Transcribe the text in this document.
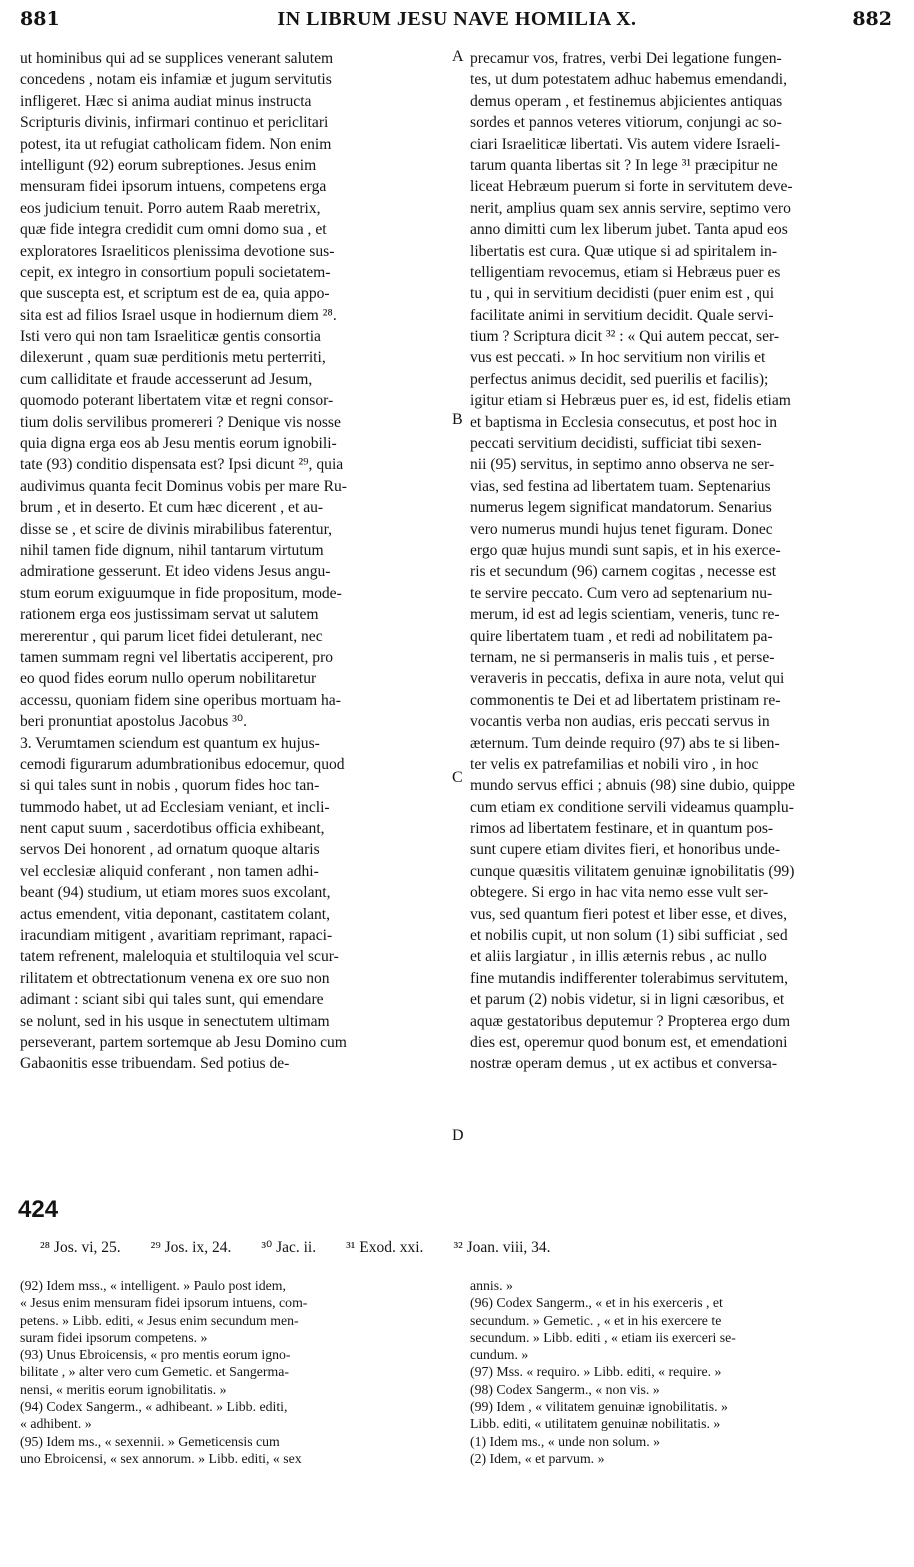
881	IN LIBRUM JESU NAVE HOMILIA X.	882
ut hominibus qui ad se supplices venerant salutem
concedens , notam eis infamiæ et jugum servitutis
infligeret. Hæc si anima audiat minus instructa
Scripturis divinis, infirmari continuo et periclitari
potest, ita ut refugiat catholicam fidem. Non enim
intelligunt (92) eorum subreptiones. Jesus enim
mensuram fidei ipsorum intuens, competens erga
eos judicium tenuit. Porro autem Raab meretrix,
quæ fide integra credidit cum omni domo sua , et
exploratores Israeliticos plenissima devotione sus-
cepit, ex integro in consortium populi societatem-
que suscepta est, et scriptum est de ea, quia appo-
sita est ad filios Israel usque in hodiernum diem ²⁸.
Isti vero qui non tam Israeliticæ gentis consortia
dilexerunt , quam suæ perditionis metu perterriti,
cum calliditate et fraude accesserunt ad Jesum,
quomodo poterant libertatem vitæ et regni consor-
tium dolis servilibus promereri ? Denique vis nosse
quia digna erga eos ab Jesu mentis eorum ignobili-
tate (93) conditio dispensata est? Ipsi dicunt ²⁹, quia
audivimus quanta fecit Dominus vobis per mare Ru-
brum , et in deserto. Et cum hæc dicerent , et au-
disse se , et scire de divinis mirabilibus faterentur,
nihil tamen fide dignum, nihil tantarum virtutum
admiratione gesserunt. Et ideo videns Jesus angu-
stum eorum exiguumque in fide propositum, mode-
rationem erga eos justissimam servat ut salutem
mererentur , qui parum licet fidei detulerant, nec
tamen summam regni vel libertatis acciperent, pro
eo quod fides eorum nullo operum nobilitaretur
accessu, quoniam fidem sine operibus mortuam ha-
beri pronuntiat apostolus Jacobus ³⁰.
3. Verumtamen sciendum est quantum ex hujus-
cemodi figurarum adumbrationibus edocemur, quod
si qui tales sunt in nobis , quorum fides hoc tan-
tummodo habet, ut ad Ecclesiam veniant, et incli-
nent caput suum , sacerdotibus officia exhibeant,
servos Dei honorent , ad ornatum quoque altaris
vel ecclesiæ aliquid conferant , non tamen adhi-
beant (94) studium, ut etiam mores suos excolant,
actus emendent, vitia deponant, castitatem colant,
iracundiam mitigent , avaritiam reprimant, rapaci-
tatem refrenent, maleloquia et stultiloquia vel scur-
rilitatem et obtrectationum venena ex ore suo non
adimant : sciant sibi qui tales sunt, qui emendare
se nolunt, sed in his usque in senectutem ultimam
perseverant, partem sortemque ab Jesu Domino cum
Gabaonitis esse tribuendam. Sed potius de-
precamur vos, fratres, verbi Dei legatione fungen-
tes, ut dum potestatem adhuc habemus emendandi,
demus operam , et festinemus abjicientes antiquas
sordes et pannos veteres vitiorum, conjungi ac so-
ciari Israeliticæ libertati. Vis autem videre Israeli-
tarum quanta libertas sit ? In lege ³¹ præcipitur ne
liceat Hebræum puerum si forte in servitutem deve-
nerit, amplius quam sex annis servire, septimo vero
anno dimitti cum lex liberum jubet. Tanta apud eos
libertatis est cura. Quæ utique si ad spiritalem in-
telligentiam revocemus, etiam si Hebræus puer es
tu , qui in servitium decidisti (puer enim est , qui
facilitate animi in servitium decidit. Quale servi-
tium ? Scriptura dicit ³² : « Qui autem peccat, ser-
vus est peccati. » In hoc servitium non virilis et
perfectus animus decidit, sed puerilis et facilis);
igitur etiam si Hebræus puer es, id est, fidelis etiam
et baptisma in Ecclesia consecutus, et post hoc in
peccati servitium decidisti, sufficiat tibi sexen-
nii (95) servitus, in septimo anno observa ne ser-
vias, sed festina ad libertatem tuam. Septenarius
numerus legem significat mandatorum. Senarius
vero numerus mundi hujus tenet figuram. Donec
ergo quæ hujus mundi sunt sapis, et in his exerce-
ris et secundum (96) carnem cogitas , necesse est
te servire peccato. Cum vero ad septenarium nu-
merum, id est ad legis scientiam, veneris, tunc re-
quire libertatem tuam , et redi ad nobilitatem pa-
ternam, ne si permanseris in malis tuis , et perse-
veraveris in peccatis, defixa in aure nota, velut qui
commonentis te Dei et ad libertatem pristinam re-
vocantis verba non audias, eris peccati servus in
æternum. Tum deinde requiro (97) abs te si liben-
ter velis ex patrefamilias et nobili viro , in hoc
mundo servus effici ; abnuis (98) sine dubio, quippe
cum etiam ex conditione servili videamus quamplu-
rimos ad libertatem festinare, et in quantum pos-
sunt cupere etiam divites fieri, et honoribus unde-
cunque quæsitis vilitatem genuinæ ignobilitatis (99)
obtegere. Si ergo in hac vita nemo esse vult ser-
vus, sed quantum fieri potest et liber esse, et dives,
et nobilis cupit, ut non solum (1) sibi sufficiat , sed
et aliis largiatur , in illis æternis rebus , ac nullo
fine mutandis indifferenter tolerabimus servitutem,
et parum (2) nobis videtur, si in ligni cæsoribus, et
aquæ gestatoribus deputemur ? Propterea ergo dum
dies est, operemur quod bonum est, et emendationi
nostræ operam demus , ut ex actibus et conversa-
A
B
C
D
424
²⁸ Jos. vi, 25. ²⁹ Jos. ix, 24. ³⁰ Jac. ii. ³¹ Exod. xxi. ³² Joan. viii, 34.
(92) Idem mss., « intelligent. » Paulo post idem,
« Jesus enim mensuram fidei ipsorum intuens, com-
petens. » Libb. editi, « Jesus enim secundum men-
suram fidei ipsorum competens. »
(93) Unus Ebroicensis, « pro mentis eorum igno-
bilitate , » alter vero cum Gemetic. et Sangerma-
nensi, « meritis eorum ignobilitatis. »
(94) Codex Sangerm., « adhibeant. » Libb. editi,
« adhibent. »
(95) Idem ms., « sexennii. » Gemeticensis cum
uno Ebroicensi, « sex annorum. » Libb. editi, « sex
annis. »
(96) Codex Sangerm., « et in his exerceris , et
secundum. » Gemetic. , « et in his exercere te
secundum. » Libb. editi , « etiam iis exerceri se-
cundum. »
(97) Mss. « requiro. » Libb. editi, « require. »
(98) Codex Sangerm., « non vis. »
(99) Idem , « vilitatem genuinæ ignobilitatis. »
Libb. editi, « utilitatem genuinæ nobilitatis. »
(1) Idem ms., « unde non solum. »
(2) Idem, « et parvum. »
